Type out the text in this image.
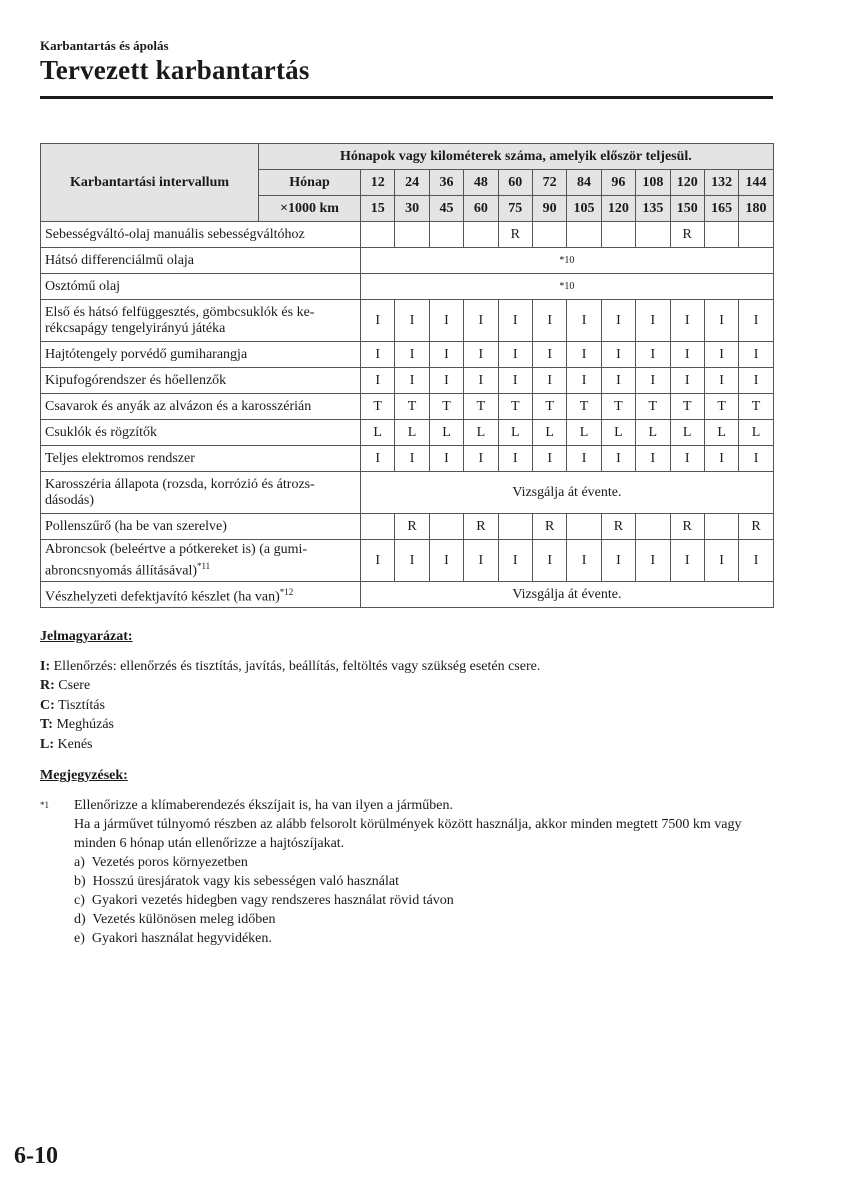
Karbantartás és ápolás
Tervezett karbantartás
Karbantartási intervallum	Hónapok vagy kilométerek száma, amelyik először teljesül.												
	Hónap	12	24	36	48	60	72	84	96	108	120	132	144
	×1000 km	15	30	45	60	75	90	105	120	135	150	165	180
Sebességváltó-olaj manuális sebességváltóhoz						R					R		
Hátsó differenciálmű olaja		*10											
Osztómű olaj		*10											
Első és hátsó felfüggesztés, gömbcsuklók és ke-
rékcsapágy tengelyirányú játéka		I	I	I	I	I	I	I	I	I	I	I	I
Hajtótengely porvédő gumiharangja		I	I	I	I	I	I	I	I	I	I	I	I
Kipufogórendszer és hőellenzők		I	I	I	I	I	I	I	I	I	I	I	I
Csavarok és anyák az alvázon és a karosszérián		T	T	T	T	T	T	T	T	T	T	T	T
Csuklók és rögzítők		L	L	L	L	L	L	L	L	L	L	L	L
Teljes elektromos rendszer		I	I	I	I	I	I	I	I	I	I	I	I
Karosszéria állapota (rozsda, korrózió és átrozs-
dásodás)		Vizsgálja át évente.											
Pollenszűrő (ha be van szerelve)			R		R		R		R		R		R
Abroncsok (beleértve a pótkereket is) (a gumi-
abroncsnyomás állításával)$^{*11}$		I	I	I	I	I	I	I	I	I	I	I	I
Vészhelyzeti defektjavító készlet (ha van)$^{*12}$		Vizsgálja át évente.											
Jelmagyarázat:
I: Ellenőrzés: ellenőrzés és tisztítás, javítás, beállítás, feltöltés vagy szükség esetén csere.
R: Csere
C: Tisztítás
T: Meghúzás
L: Kenés
Megjegyzések:
$^{*1}$ Ellenőrizze a klímaberendezés ékszíjait is, ha van ilyen a járműben.
Ha a járművet túlnyomó részben az alább felsorolt körülmények között használja, akkor minden megtett 7500 km vagy minden 6 hónap után ellenőrizze a hajtószíjakat.
a)  Vezetés poros környezetben
b)  Hosszú üresjáratok vagy kis sebességen való használat
c)  Gyakori vezetés hidegben vagy rendszeres használat rövid távon
d)  Vezetés különösen meleg időben
e)  Gyakori használat hegyvidéken.
6-10
